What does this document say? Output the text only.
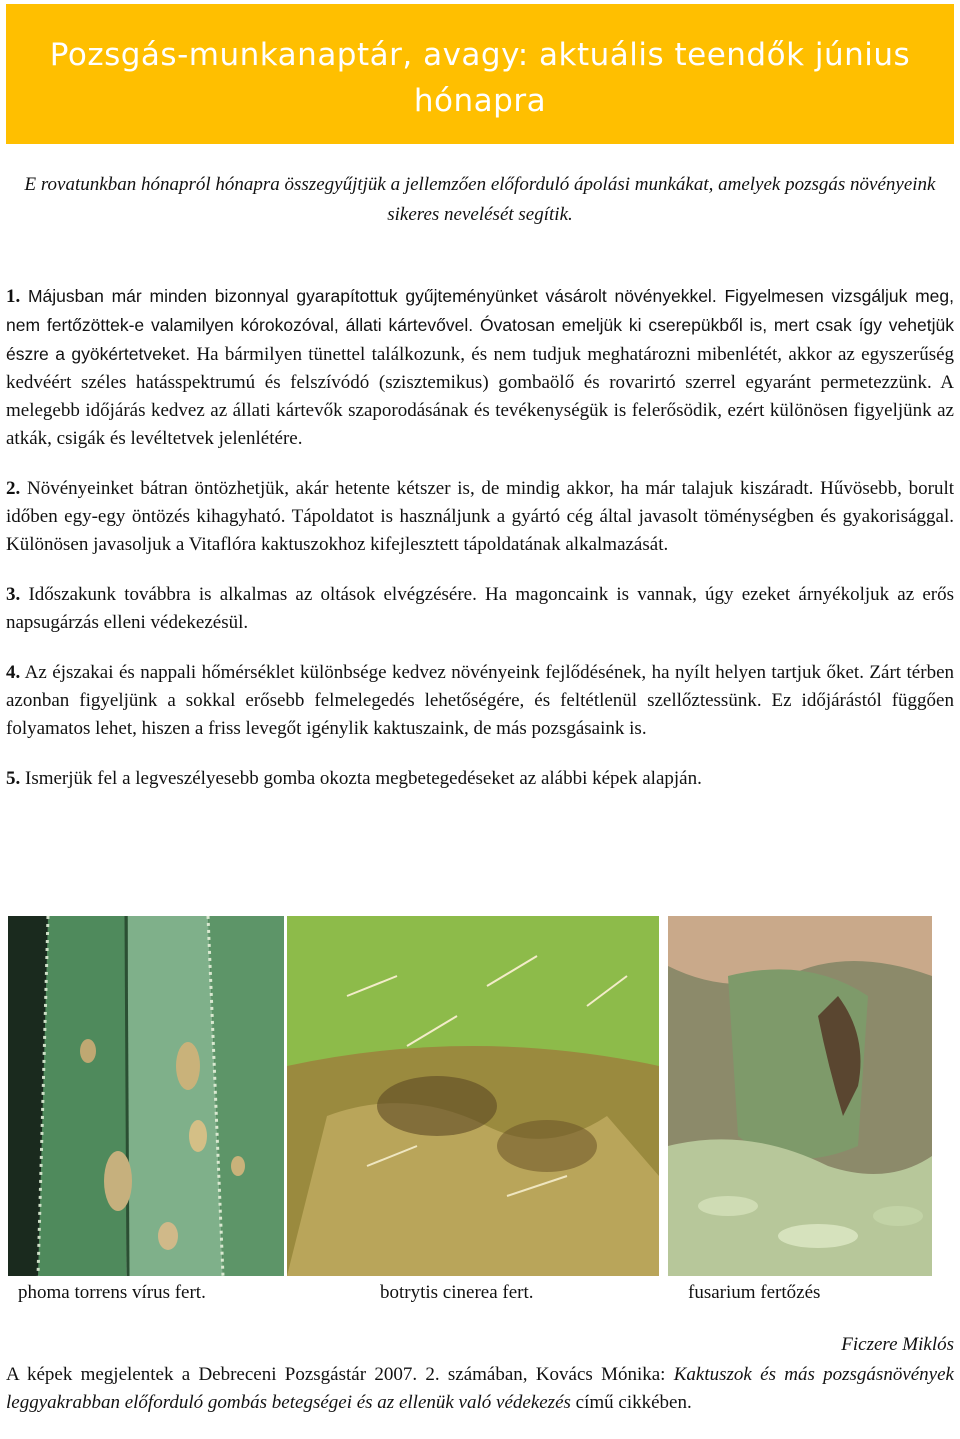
Pozsgás-munkanaptár, avagy: aktuális teendők június hónapra
E rovatunkban hónapról hónapra összegyűjtjük a jellemzően előforduló ápolási munkákat, amelyek pozsgás növényeink sikeres nevelését segítik.

1. Májusban már minden bizonnyal gyarapítottuk gyűjteményünket vásárolt növényekkel. Figyelmesen vizsgáljuk meg, nem fertőzöttek-e valamilyen kórokozóval, állati kártevővel. Óvatosan emeljük ki cserepükből is, mert csak így vehetjük észre a gyökértetveket. Ha bármilyen tünettel találkozunk, és nem tudjuk meghatározni mibenlétét, akkor az egyszerűség kedvéért széles hatásspektrumú és felszívódó (szisztemikus) gombaölő és rovarirtó szerrel egyaránt permetezzünk. A melegebb időjárás kedvez az állati kártevők szaporodásának és tevékenységük is felerősödik, ezért különösen figyeljünk az atkák, csigák és levéltetvek jelenlétére.

2. Növényeinket bátran öntözhetjük, akár hetente kétszer is, de mindig akkor, ha már talajuk kiszáradt. Hűvösebb, borult időben egy-egy öntözés kihagyható. Tápoldatot is használjunk a gyártó cég által javasolt töménységben és gyakorisággal. Különösen javasoljuk a Vitaflóra kaktuszokhoz kifejlesztett tápoldatának alkalmazását.

3. Időszakunk továbbra is alkalmas az oltások elvégzésére. Ha magoncaink is vannak, úgy ezeket árnyékoljuk az erős napsugárzás elleni védekezésül.

4. Az éjszakai és nappali hőmérséklet különbsége kedvez növényeink fejlődésének, ha nyílt helyen tartjuk őket. Zárt térben azonban figyeljünk a sokkal erősebb felmelegedés lehetőségére, és feltétlenül szellőztessünk. Ez időjárástól függően folyamatos lehet, hiszen a friss levegőt igénylik kaktuszaink, de más pozsgásaink is.

5. Ismerjük fel a legveszélyesebb gomba okozta megbetegedéseket az alábbi képek alapján.

phoma torrens vírus fert.	botrytis cinerea fert.	fusarium fertőzés
Ficzere Miklós
A képek megjelentek a Debreceni Pozsgástár 2007. 2. számában, Kovács Mónika: Kaktuszok és más pozsgásnövények leggyakrabban előforduló gombás betegségei és az ellenük való védekezés című cikkében.
